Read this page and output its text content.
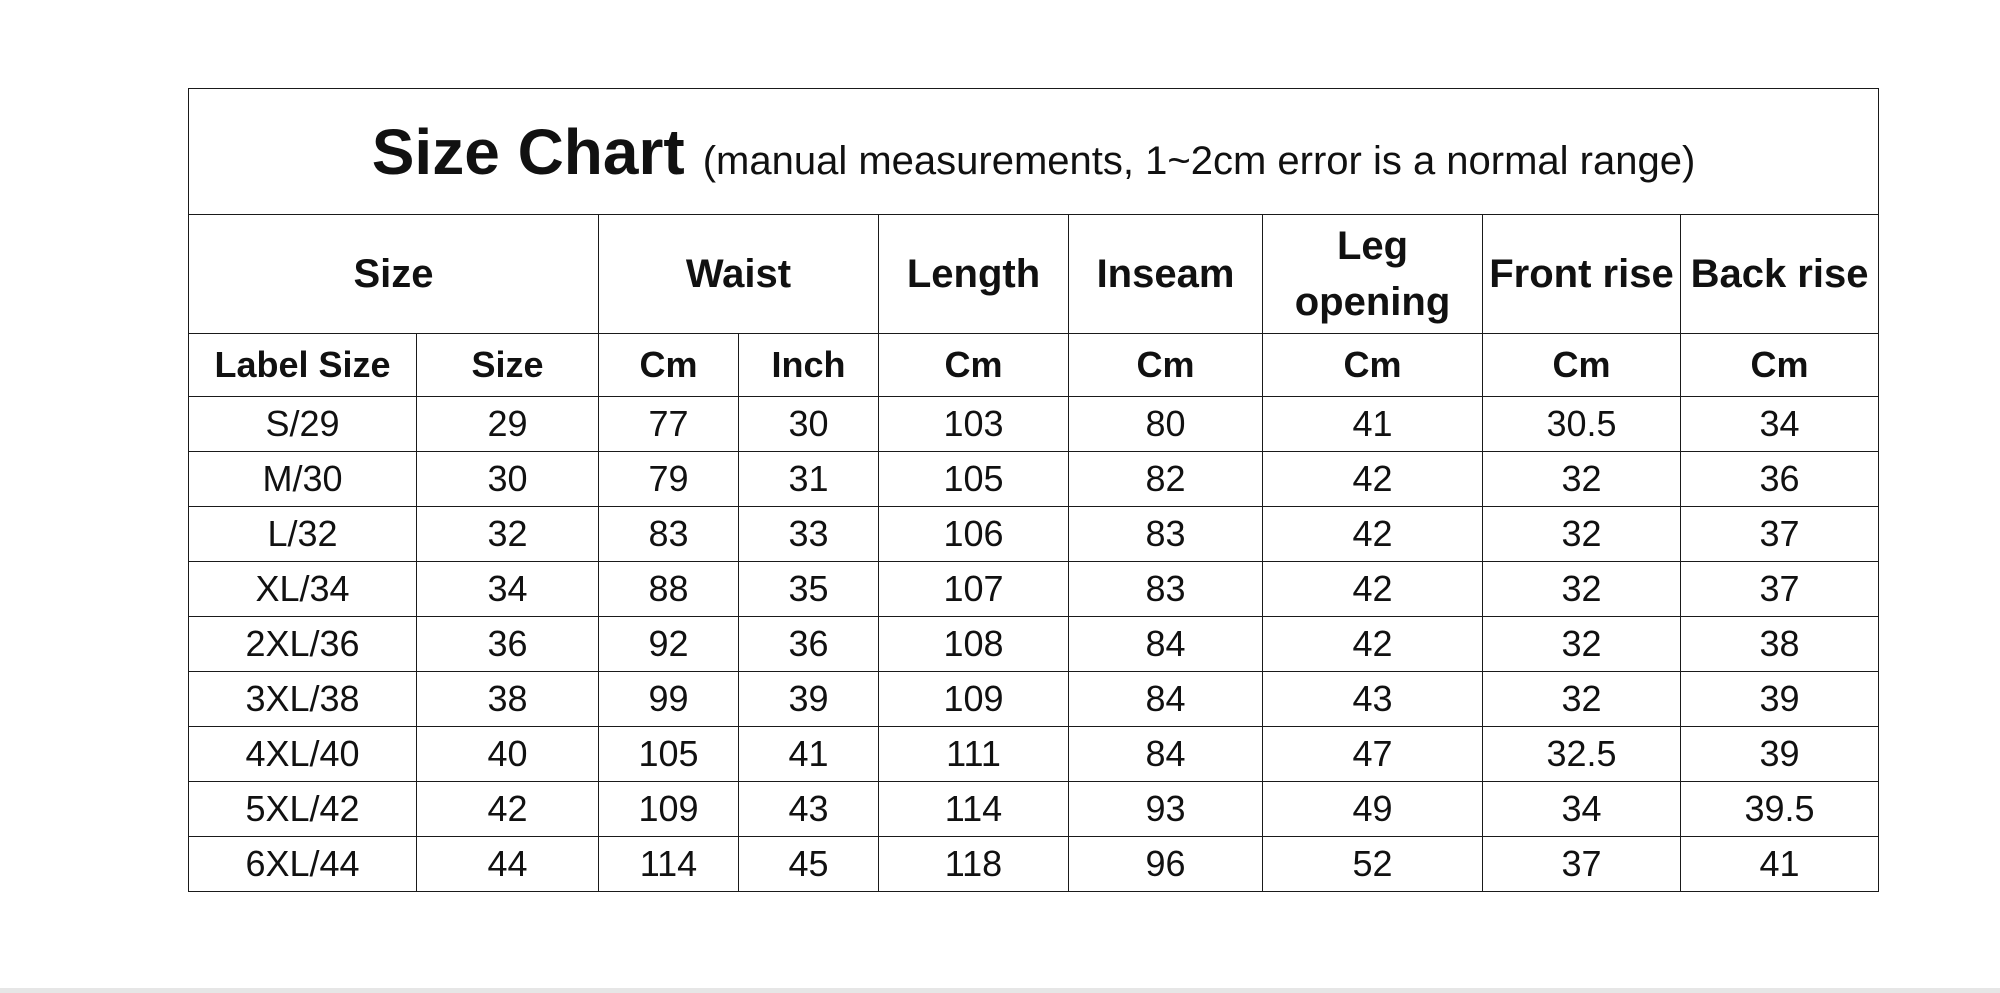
Size Chart (manual measurements, 1~2cm error is a normal range)								
Size		Waist		Length	Inseam	Leg opening	Front rise	Back rise
Label Size	Size	Cm	Inch	Cm	Cm	Cm	Cm	Cm
S/29	29	77	30	103	80	41	30.5	34
M/30	30	79	31	105	82	42	32	36
L/32	32	83	33	106	83	42	32	37
XL/34	34	88	35	107	83	42	32	37
2XL/36	36	92	36	108	84	42	32	38
3XL/38	38	99	39	109	84	43	32	39
4XL/40	40	105	41	111	84	47	32.5	39
5XL/42	42	109	43	114	93	49	34	39.5
6XL/44	44	114	45	118	96	52	37	41
